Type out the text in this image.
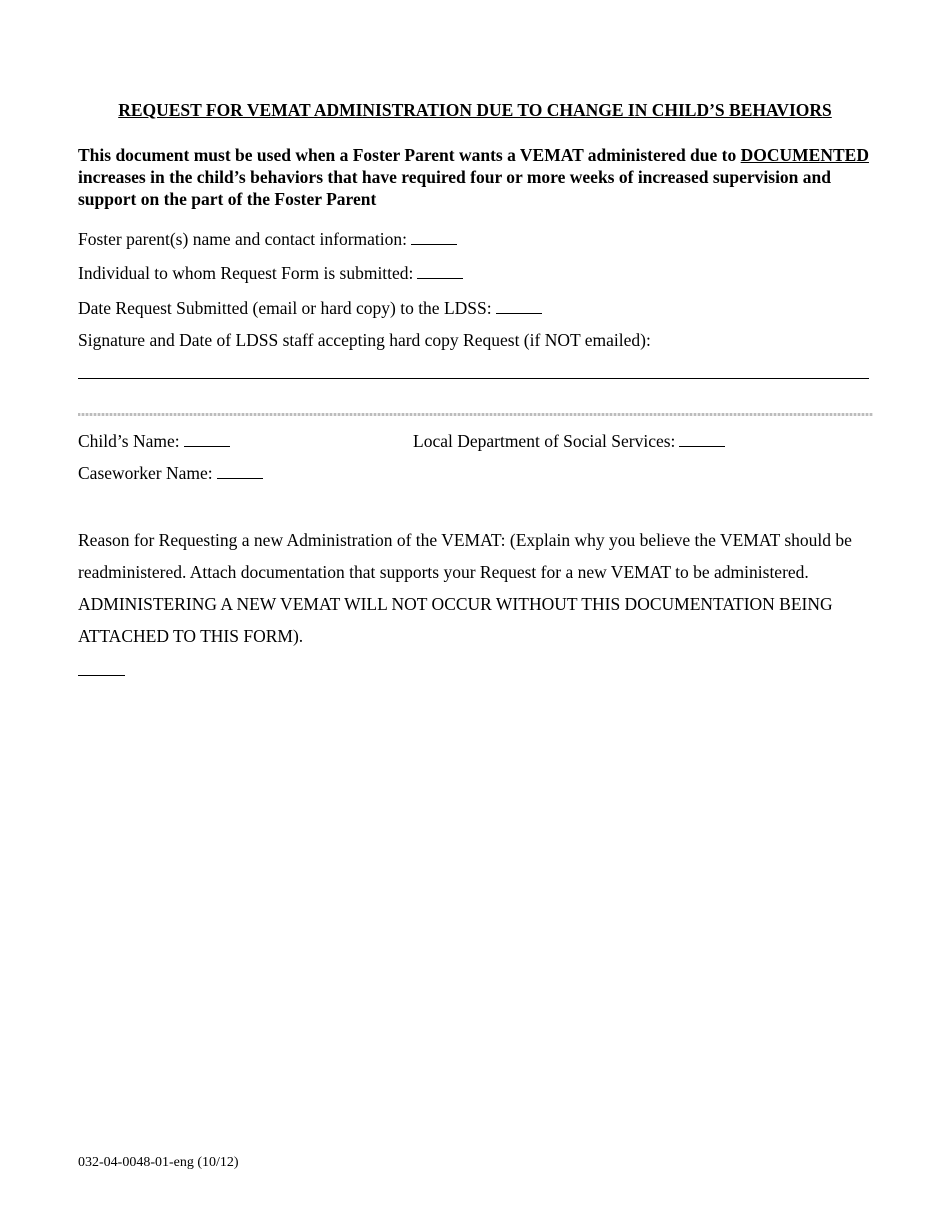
REQUEST FOR VEMAT ADMINISTRATION DUE TO CHANGE IN CHILD’S BEHAVIORS
This document must be used when a Foster Parent wants a VEMAT administered due to DOCUMENTED increases in the child’s behaviors that have required four or more weeks of increased supervision and support on the part of the Foster Parent
Foster parent(s) name and contact information:
Individual to whom Request Form is submitted:
Date Request Submitted (email or hard copy) to the LDSS:
Signature and Date of LDSS staff accepting hard copy Request (if NOT emailed):
Child’s Name:	Local Department of Social Services:
Caseworker Name:
Reason for Requesting a new Administration of the VEMAT: (Explain why you believe the VEMAT should be readministered. Attach documentation that supports your Request for a new VEMAT to be administered. ADMINISTERING A NEW VEMAT WILL NOT OCCUR WITHOUT THIS DOCUMENTATION BEING ATTACHED TO THIS FORM).
032-04-0048-01-eng (10/12)
